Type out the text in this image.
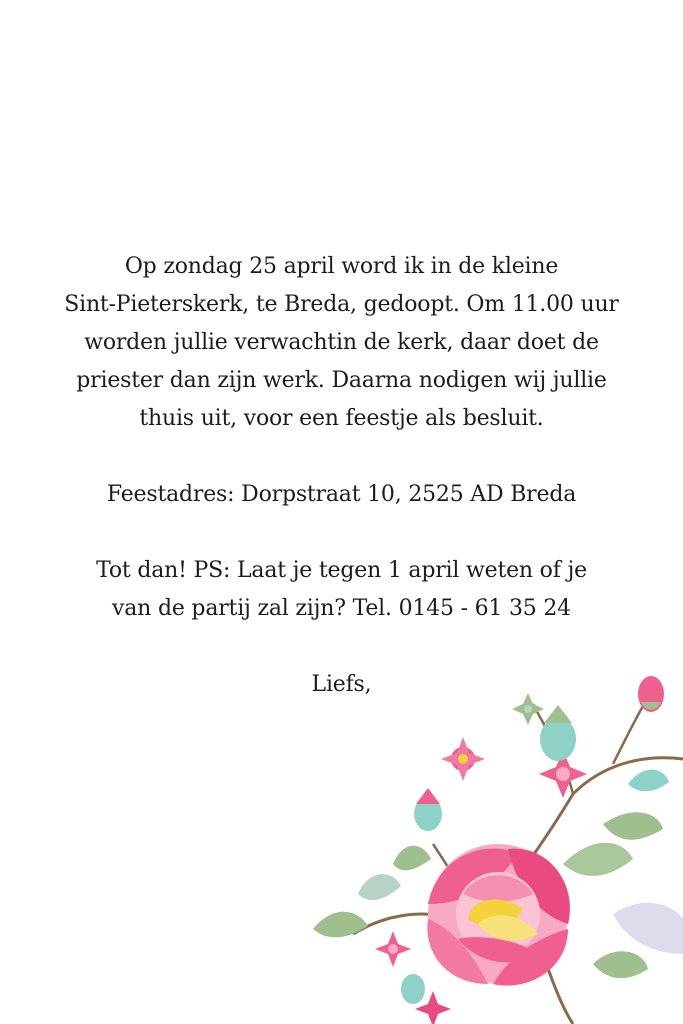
Op zondag 25 april word ik in de kleine
Sint-Pieterskerk, te Breda, gedoopt. Om 11.00 uur
worden jullie verwachtin de kerk, daar doet de
priester dan zijn werk. Daarna nodigen wij jullie
thuis uit, voor een feestje als besluit.
Feestadres: Dorpstraat 10, 2525 AD Breda
Tot dan! PS: Laat je tegen 1 april weten of je
van de partij zal zijn? Tel. 0145 - 61 35 24
Liefs,
